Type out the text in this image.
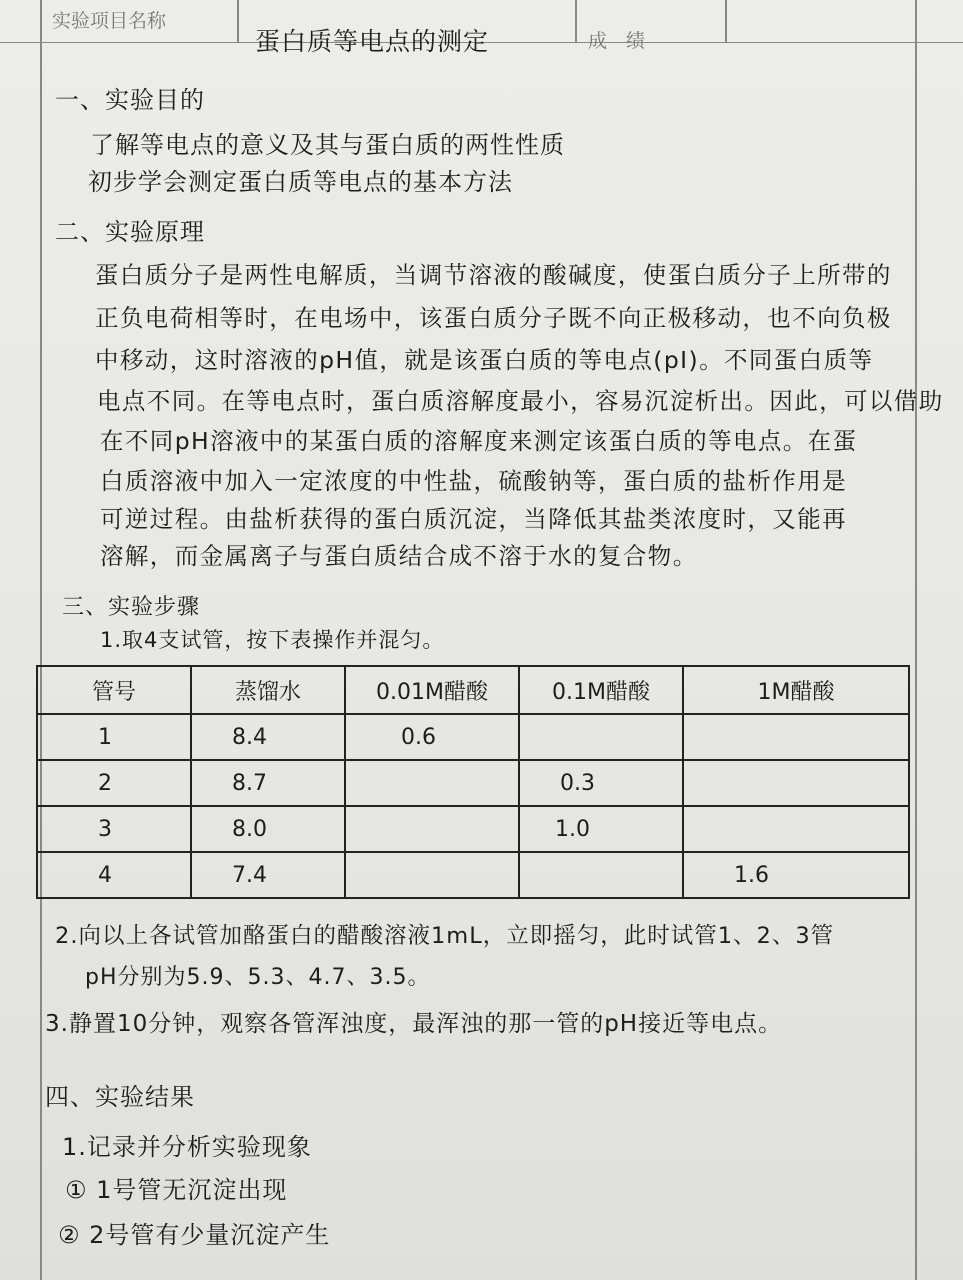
实验项目名称
蛋白质等电点的测定	成　绩
一、实验目的
了解等电点的意义及其与蛋白质的两性性质
初步学会测定蛋白质等电点的基本方法
二、实验原理
蛋白质分子是两性电解质，当调节溶液的酸碱度，使蛋白质分子上所带的
正负电荷相等时，在电场中，该蛋白质分子既不向正极移动，也不向负极
中移动，这时溶液的pH值，就是该蛋白质的等电点(pI)。不同蛋白质等
电点不同。在等电点时，蛋白质溶解度最小，容易沉淀析出。因此，可以借助
在不同pH溶液中的某蛋白质的溶解度来测定该蛋白质的等电点。在蛋
白质溶液中加入一定浓度的中性盐，硫酸钠等，蛋白质的盐析作用是
可逆过程。由盐析获得的蛋白质沉淀，当降低其盐类浓度时，又能再
溶解，而金属离子与蛋白质结合成不溶于水的复合物。
三、实验步骤
1.取4支试管，按下表操作并混匀。
管号	蒸馏水	0.01M醋酸	0.1M醋酸	1M醋酸
1	8.4	0.6		
2	8.7		0.3	
3	8.0		1.0	
4	7.4			1.6
2.向以上各试管加酪蛋白的醋酸溶液1mL，立即摇匀，此时试管1、2、3管
pH分别为5.9、5.3、4.7、3.5。
3.静置10分钟，观察各管浑浊度，最浑浊的那一管的pH接近等电点。
四、实验结果
1.记录并分析实验现象
① 1号管无沉淀出现
② 2号管有少量沉淀产生
